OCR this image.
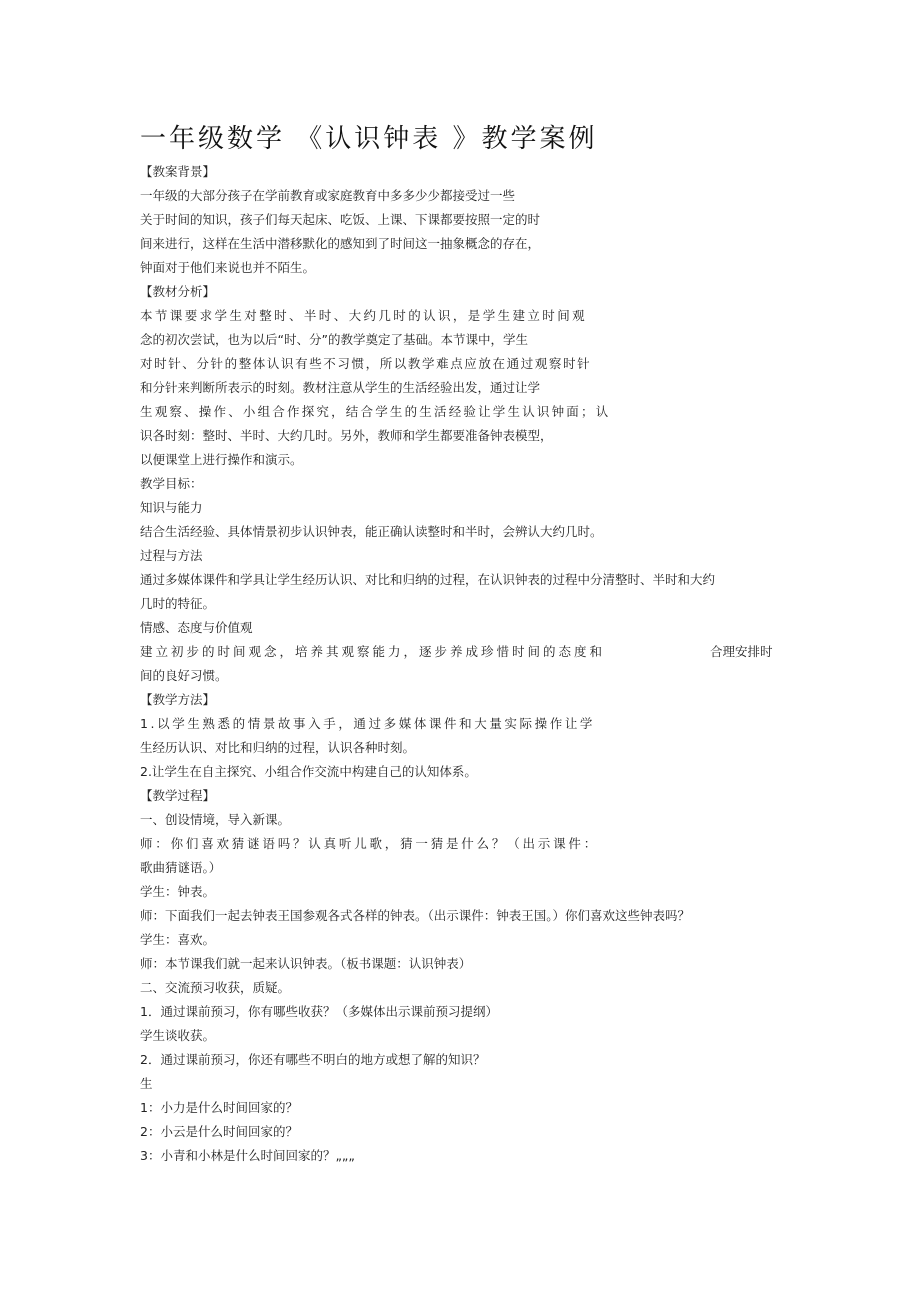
一年级数学 《认识钟表 》教学案例
【教案背景】
一年级的大部分孩子在学前教育或家庭教育中多多少少都接受过一些
关于时间的知识，孩子们每天起床、吃饭、上课、下课都要按照一定的时
间来进行，这样在生活中潜移默化的感知到了时间这一抽象概念的存在，
钟面对于他们来说也并不陌生。
【教材分析】
本节课要求学生对整时、半时、大约几时的认识，是学生建立时间观
念的初次尝试，也为以后“时、分”的教学奠定了基础。本节课中，学生
对时针、分针的整体认识有些不习惯，所以教学难点应放在通过观察时针
和分针来判断所表示的时刻。教材注意从学生的生活经验出发，通过让学
生观察、操作、小组合作探究，结合学生的生活经验让学生认识钟面；认
识各时刻：整时、半时、大约几时。另外，教师和学生都要准备钟表模型，
以便课堂上进行操作和演示。
教学目标：
知识与能力
结合生活经验、具体情景初步认识钟表，能正确认读整时和半时，会辨认大约几时。
过程与方法
通过多媒体课件和学具让学生经历认识、对比和归纳的过程，在认识钟表的过程中分清整时、半时和大约
几时的特征。
情感、态度与价值观
建立初步的时间观念，培养其观察能力，逐步养成珍惜时间的态度和	合理安排时
间的良好习惯。
【教学方法】
1.以学生熟悉的情景故事入手，通过多媒体课件和大量实际操作让学
生经历认识、对比和归纳的过程，认识各种时刻。
2.让学生在自主探究、小组合作交流中构建自己的认知体系。
【教学过程】
一、创设情境，导入新课。
师：你们喜欢猜谜语吗？认真听儿歌，猜一猜是什么？（出示课件：
歌曲猜谜语。）
学生：钟表。
师：下面我们一起去钟表王国参观各式各样的钟表。（出示课件：钟表王国。）你们喜欢这些钟表吗？
学生：喜欢。
师：本节课我们就一起来认识钟表。（板书课题：认识钟表）
二、交流预习收获，质疑。
1．通过课前预习，你有哪些收获？（多媒体出示课前预习提纲）
学生谈收获。
2．通过课前预习，你还有哪些不明白的地方或想了解的知识？
生
1：小力是什么时间回家的？
2：小云是什么时间回家的？
3：小青和小林是什么时间回家的？„„„
